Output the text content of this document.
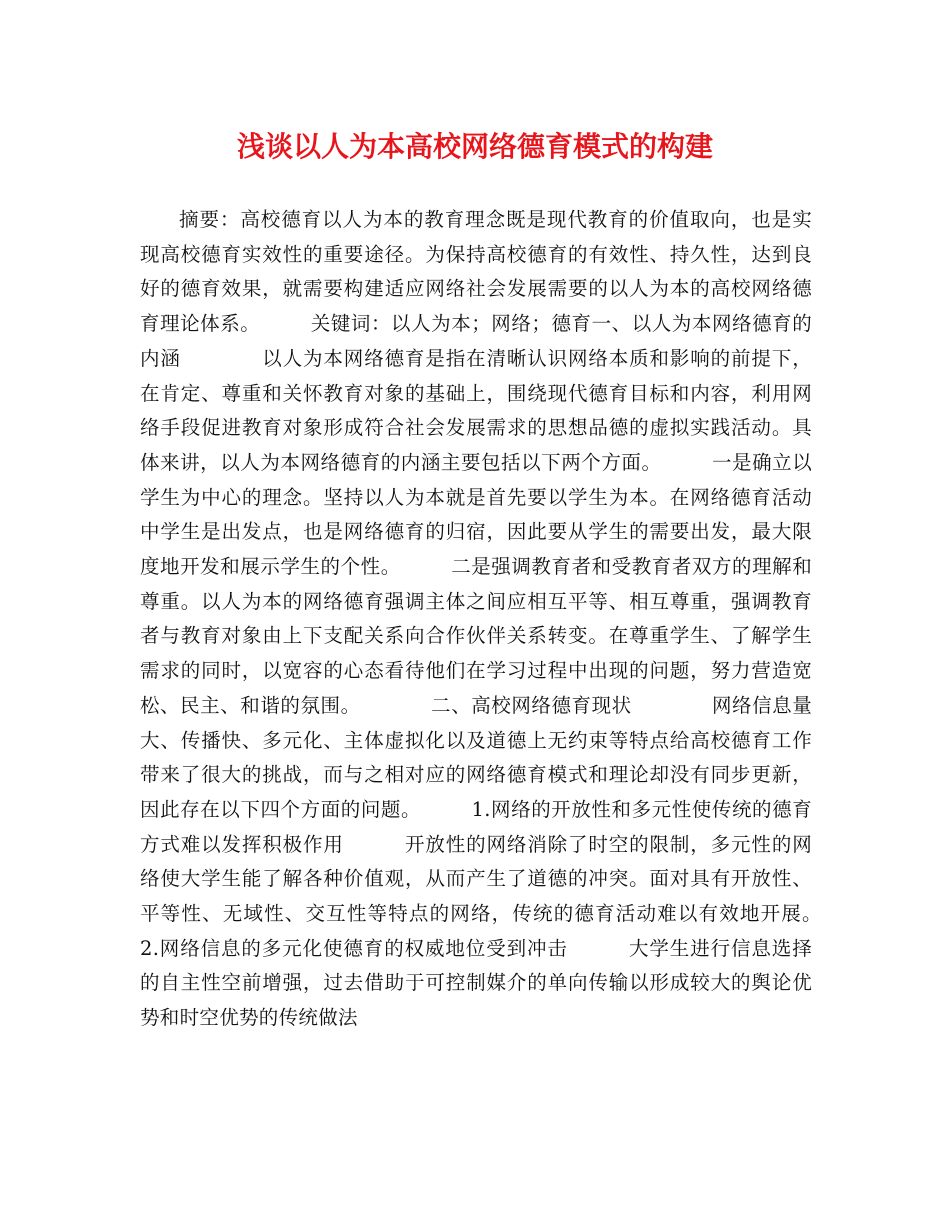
浅谈以人为本高校网络德育模式的构建

摘要：高校德育以人为本的教育理念既是现代教育的价值取向，也是实现高校德育实效性的重要途径。为保持高校德育的有效性、持久性，达到良好的德育效果，就需要构建适应网络社会发展需要的以人为本的高校网络德育理论体系。　　　关键词：以人为本；网络；德育一、以人为本网络德育的内涵　　　　以人为本网络德育是指在清晰认识网络本质和影响的前提下，在肯定、尊重和关怀教育对象的基础上，围绕现代德育目标和内容，利用网络手段促进教育对象形成符合社会发展需求的思想品德的虚拟实践活动。具体来讲，以人为本网络德育的内涵主要包括以下两个方面。　　　一是确立以学生为中心的理念。坚持以人为本就是首先要以学生为本。在网络德育活动中学生是出发点，也是网络德育的归宿，因此要从学生的需要出发，最大限度地开发和展示学生的个性。　　　二是强调教育者和受教育者双方的理解和尊重。以人为本的网络德育强调主体之间应相互平等、相互尊重，强调教育者与教育对象由上下支配关系向合作伙伴关系转变。在尊重学生、了解学生需求的同时，以宽容的心态看待他们在学习过程中出现的问题，努力营造宽松、民主、和谐的氛围。　　　　二、高校网络德育现状　　　　网络信息量大、传播快、多元化、主体虚拟化以及道德上无约束等特点给高校德育工作带来了很大的挑战，而与之相对应的网络德育模式和理论却没有同步更新，因此存在以下四个方面的问题。　　　1.网络的开放性和多元性使传统的德育方式难以发挥积极作用　　　开放性的网络消除了时空的限制，多元性的网络使大学生能了解各种价值观，从而产生了道德的冲突。面对具有开放性、平等性、无域性、交互性等特点的网络，传统的德育活动难以有效地开展。　　　2.网络信息的多元化使德育的权威地位受到冲击　　　大学生进行信息选择的自主性空前增强，过去借助于可控制媒介的单向传输以形成较大的舆论优势和时空优势的传统做法
